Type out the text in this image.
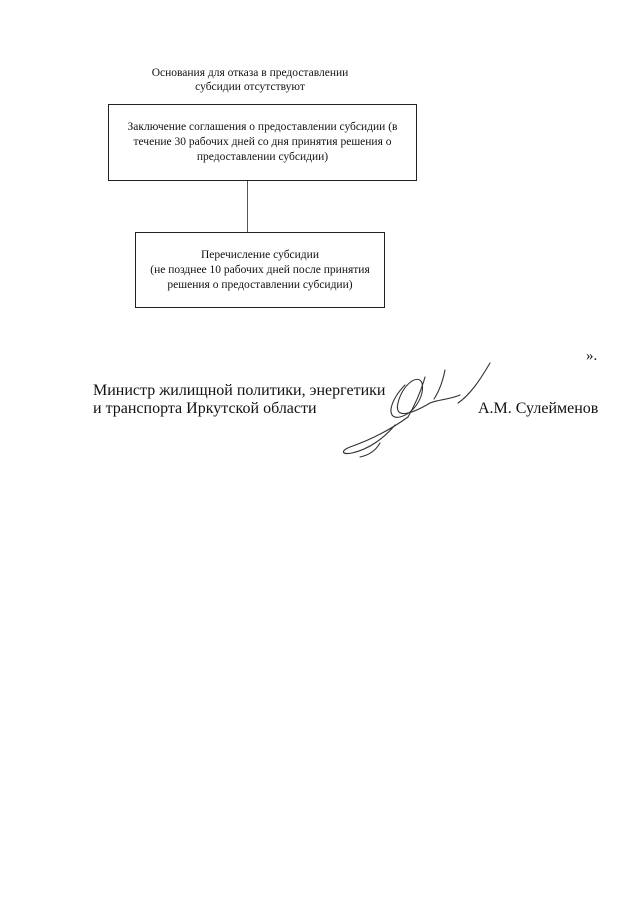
Основания для отказа в предоставлении
субсидии отсутствуют
Заключение соглашения о предоставлении субсидии (в
течение 30 рабочих дней со дня принятия решения о
предоставлении субсидии)
Перечисление субсидии
(не позднее 10 рабочих дней после принятия
решения о предоставлении субсидии)
».
Министр жилищной политики, энергетики
и транспорта Иркутской области	А.М. Сулейменов
